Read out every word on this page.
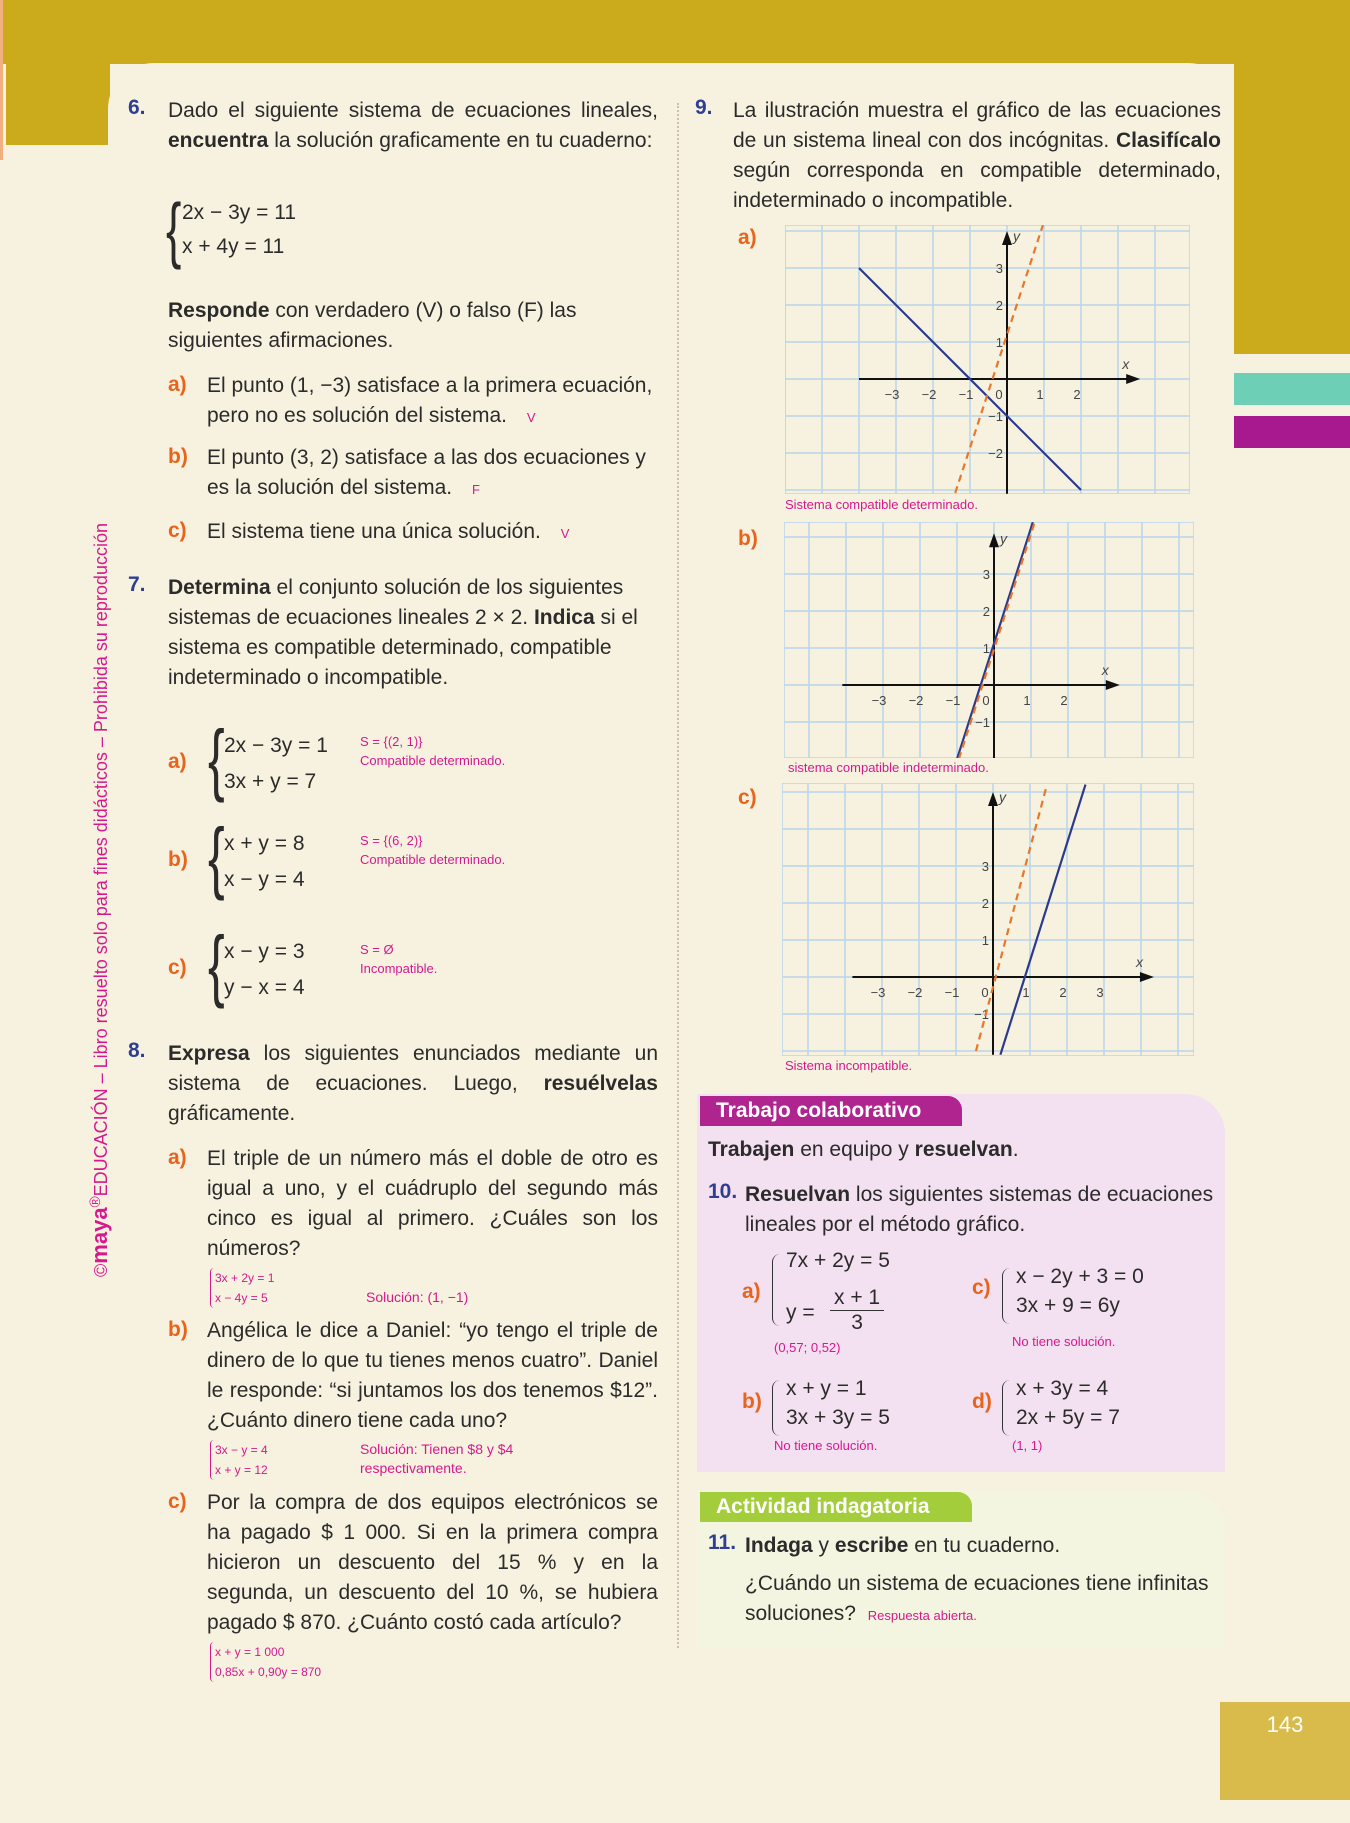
©maya®EDUCACIÓN – Libro resuelto solo para fines didácticos – Prohibida su reproducción
143
6. Dado el siguiente sistema de ecuaciones lineales, encuentra la solución graficamente en tu cuaderno:
{ 2x − 3y = 11
x + 4y = 11
Responde con verdadero (V) o falso (F) las siguientes afirmaciones.
a) El punto (1, −3) satisface a la primera ecuación, pero no es solución del sistema. V
b) El punto (3, 2) satisface a las dos ecuaciones y es la solución del sistema. F
c) El sistema tiene una única solución. V
7. Determina el conjunto solución de los siguientes sistemas de ecuaciones lineales 2 × 2. Indica si el sistema es compatible determinado, compatible indeterminado o incompatible.
a) { 2x − 3y = 1
3x + y = 7
S = {(2, 1)}
Compatible determinado.
b) { x + y = 8
x − y = 4
S = {(6, 2)}
Compatible determinado.
c) { x − y = 3
y − x = 4
S = Ø
Incompatible.
8. Expresa los siguientes enunciados mediante un sistema de ecuaciones. Luego, resuélvelas gráficamente.
a) El triple de un número más el doble de otro es igual a uno, y el cuádruplo del segundo más cinco es igual al primero. ¿Cuáles son los números?
3x + 2y = 1
x − 4y = 5	Solución: (1, −1)
b) Angélica le dice a Daniel: “yo tengo el triple de dinero de lo que tu tienes menos cuatro”. Daniel le responde: “si juntamos los dos tenemos $12”. ¿Cuánto dinero tiene cada uno?
3x − y = 4
x + y = 12
Solución: Tienen $8 y $4
respectivamente.
c) Por la compra de dos equipos electrónicos se ha pagado $ 1 000. Si en la primera compra hicieron un descuento del 15 % y en la segunda, un descuento del 10 %, se hubiera pagado $ 870. ¿Cuánto costó cada artículo?
x + y = 1 000
0,85x + 0,90y = 870
9. La ilustración muestra el gráfico de las ecuaciones de un sistema lineal con dos incógnitas. Clasifícalo según corresponda en compatible determinado, indeterminado o incompatible.
a)
x
y
−3 −2 −1 0	1 2
3
2
1
−1
−2
Sistema compatible determinado.
b)
x
y
−3 −2 −1 0	1 2
3
2
1
−1
sistema compatible indeterminado.
c)
x
y
−3 −2 −1 0	1 2 3
3
2
1
−1
Sistema incompatible.
Trabajo colaborativo
Trabajen en equipo y resuelvan.
10. Resuelvan los siguientes sistemas de ecuaciones lineales por el método gráfico.
a)
7x + 2y = 5
$y = \frac{x + 1}{3}$
(0,57; 0,52)
b)
x + y = 1
3x + 3y = 5
No tiene solución.
c) x − 2y + 3 = 0
3x + 9 = 6y
No tiene solución.
d)
x + 3y = 4
2x + 5y = 7
(1, 1)
Actividad indagatoria
11. Indaga y escribe en tu cuaderno.
¿Cuándo un sistema de ecuaciones tiene infinitas soluciones? Respuesta abierta.
